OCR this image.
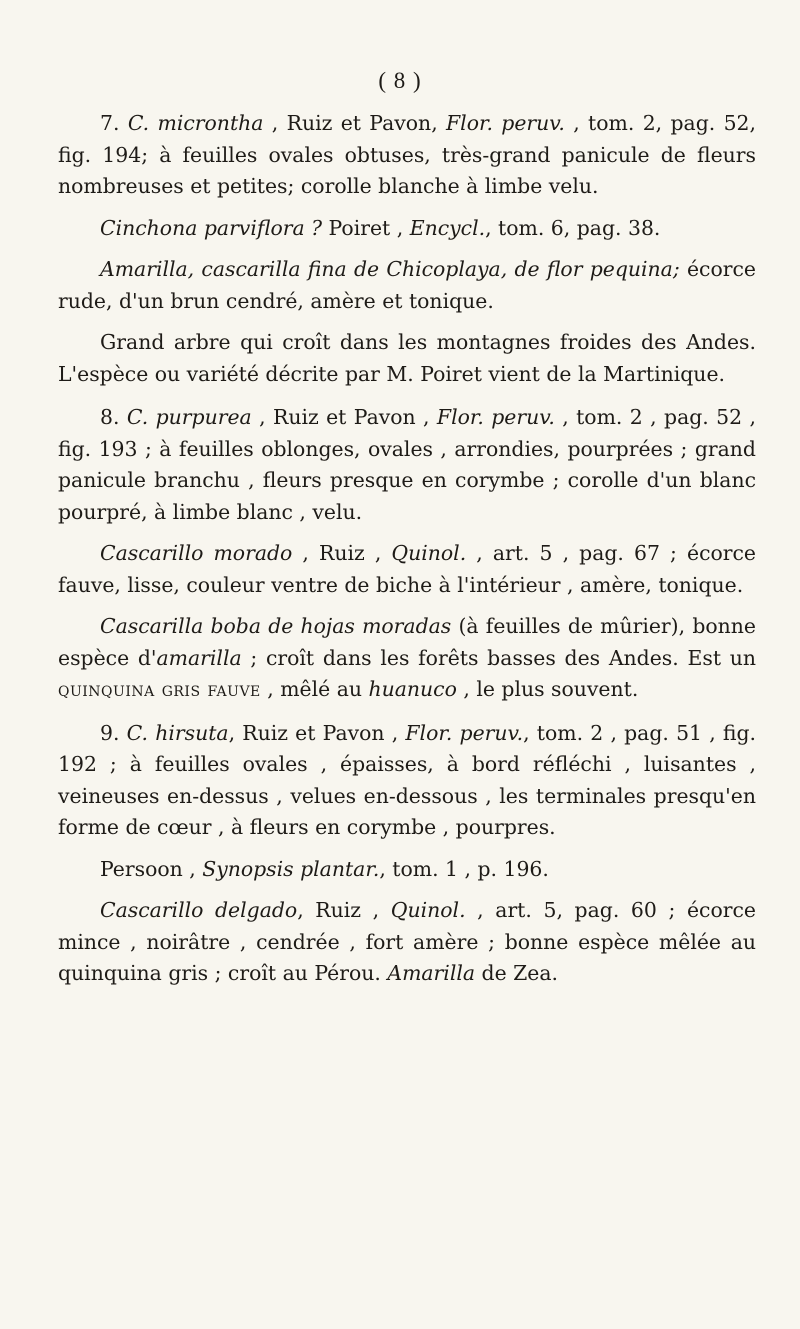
( 8 )

7. C. microntha , Ruiz et Pavon, Flor. peruv. , tom. 2, pag. 52, fig. 194; à feuilles ovales obtuses, très-grand panicule de fleurs nombreuses et petites; corolle blanche à limbe velu.

Cinchona parviflora ? Poiret , Encycl., tom. 6, pag. 38.

Amarilla, cascarilla fina de Chicoplaya, de flor pequina; écorce rude, d'un brun cendré, amère et tonique.

Grand arbre qui croît dans les montagnes froides des Andes. L'espèce ou variété décrite par M. Poiret vient de la Martinique.

8. C. purpurea , Ruiz et Pavon , Flor. peruv. , tom. 2 , pag. 52 , fig. 193 ; à feuilles oblonges, ovales , arrondies, pourprées ; grand panicule branchu , fleurs presque en corymbe ; corolle d'un blanc pourpré, à limbe blanc , velu.

Cascarillo morado , Ruiz , Quinol. , art. 5 , pag. 67 ; écorce fauve, lisse, couleur ventre de biche à l'intérieur , amère, tonique.

Cascarilla boba de hojas moradas (à feuilles de mûrier), bonne espèce d'amarilla ; croît dans les forêts basses des Andes. Est un quinquina gris fauve , mêlé au huanuco , le plus souvent.

9. C. hirsuta, Ruiz et Pavon , Flor. peruv., tom. 2 , pag. 51 , fig. 192 ; à feuilles ovales , épaisses, à bord réfléchi , luisantes , veineuses en-dessus , velues en-dessous , les terminales presqu'en forme de cœur , à fleurs en corymbe , pourpres.

Persoon , Synopsis plantar., tom. 1 , p. 196.

Cascarillo delgado, Ruiz , Quinol. , art. 5, pag. 60 ; écorce mince , noirâtre , cendrée , fort amère ; bonne espèce mêlée au quinquina gris ; croît au Pérou. Amarilla de Zea.
